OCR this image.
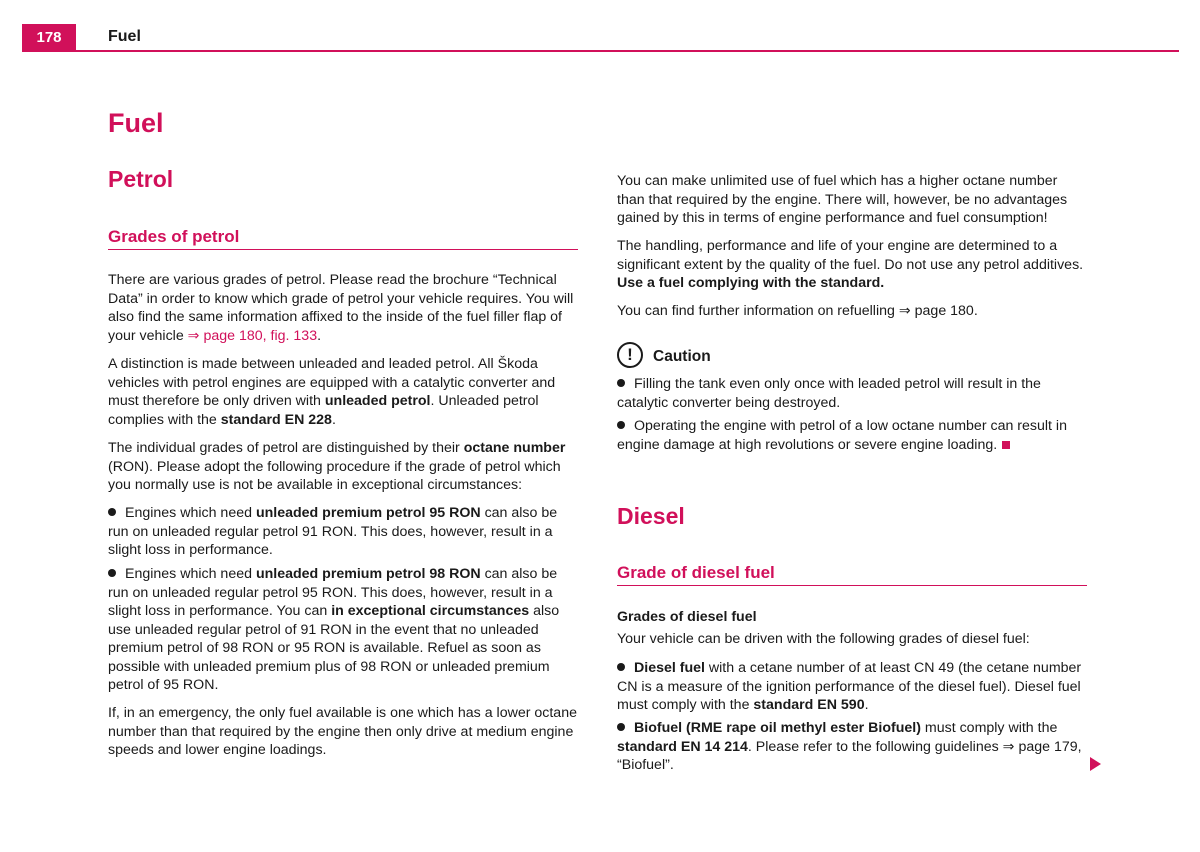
178	Fuel
Fuel
Petrol
Grades of petrol

There are various grades of petrol. Please read the brochure “Technical Data” in order to know which grade of petrol your vehicle requires. You will also find the same information affixed to the inside of the fuel filler flap of your vehicle ⇒ page 180, fig. 133.

A distinction is made between unleaded and leaded petrol. All Škoda vehicles with petrol engines are equipped with a catalytic converter and must therefore be only driven with unleaded petrol. Unleaded petrol complies with the standard EN 228.

The individual grades of petrol are distinguished by their octane number (RON). Please adopt the following procedure if the grade of petrol which you normally use is not be available in exceptional circumstances:

Engines which need unleaded premium petrol 95 RON can also be run on unleaded regular petrol 91 RON. This does, however, result in a slight loss in performance.

Engines which need unleaded premium petrol 98 RON can also be run on unleaded regular petrol 95 RON. This does, however, result in a slight loss in performance. You can in exceptional circumstances also use unleaded regular petrol of 91 RON in the event that no unleaded premium petrol of 98 RON or 95 RON is available. Refuel as soon as possible with unleaded premium plus of 98 RON or unleaded premium petrol of 95 RON.

If, in an emergency, the only fuel available is one which has a lower octane number than that required by the engine then only drive at medium engine speeds and lower engine loadings.

You can make unlimited use of fuel which has a higher octane number than that required by the engine. There will, however, be no advantages gained by this in terms of engine performance and fuel consumption!

The handling, performance and life of your engine are determined to a significant extent by the quality of the fuel. Do not use any petrol additives. Use a fuel complying with the standard.

You can find further information on refuelling ⇒ page 180.

!	Caution

Filling the tank even only once with leaded petrol will result in the catalytic converter being destroyed.

Operating the engine with petrol of a low octane number can result in engine damage at high revolutions or severe engine loading.

Diesel
Grade of diesel fuel

Grades of diesel fuel

Your vehicle can be driven with the following grades of diesel fuel:

Diesel fuel with a cetane number of at least CN 49 (the cetane number CN is a measure of the ignition performance of the diesel fuel). Diesel fuel must comply with the standard EN 590.

Biofuel (RME rape oil methyl ester Biofuel) must comply with the standard EN 14 214. Please refer to the following guidelines ⇒ page 179, “Biofuel”.
